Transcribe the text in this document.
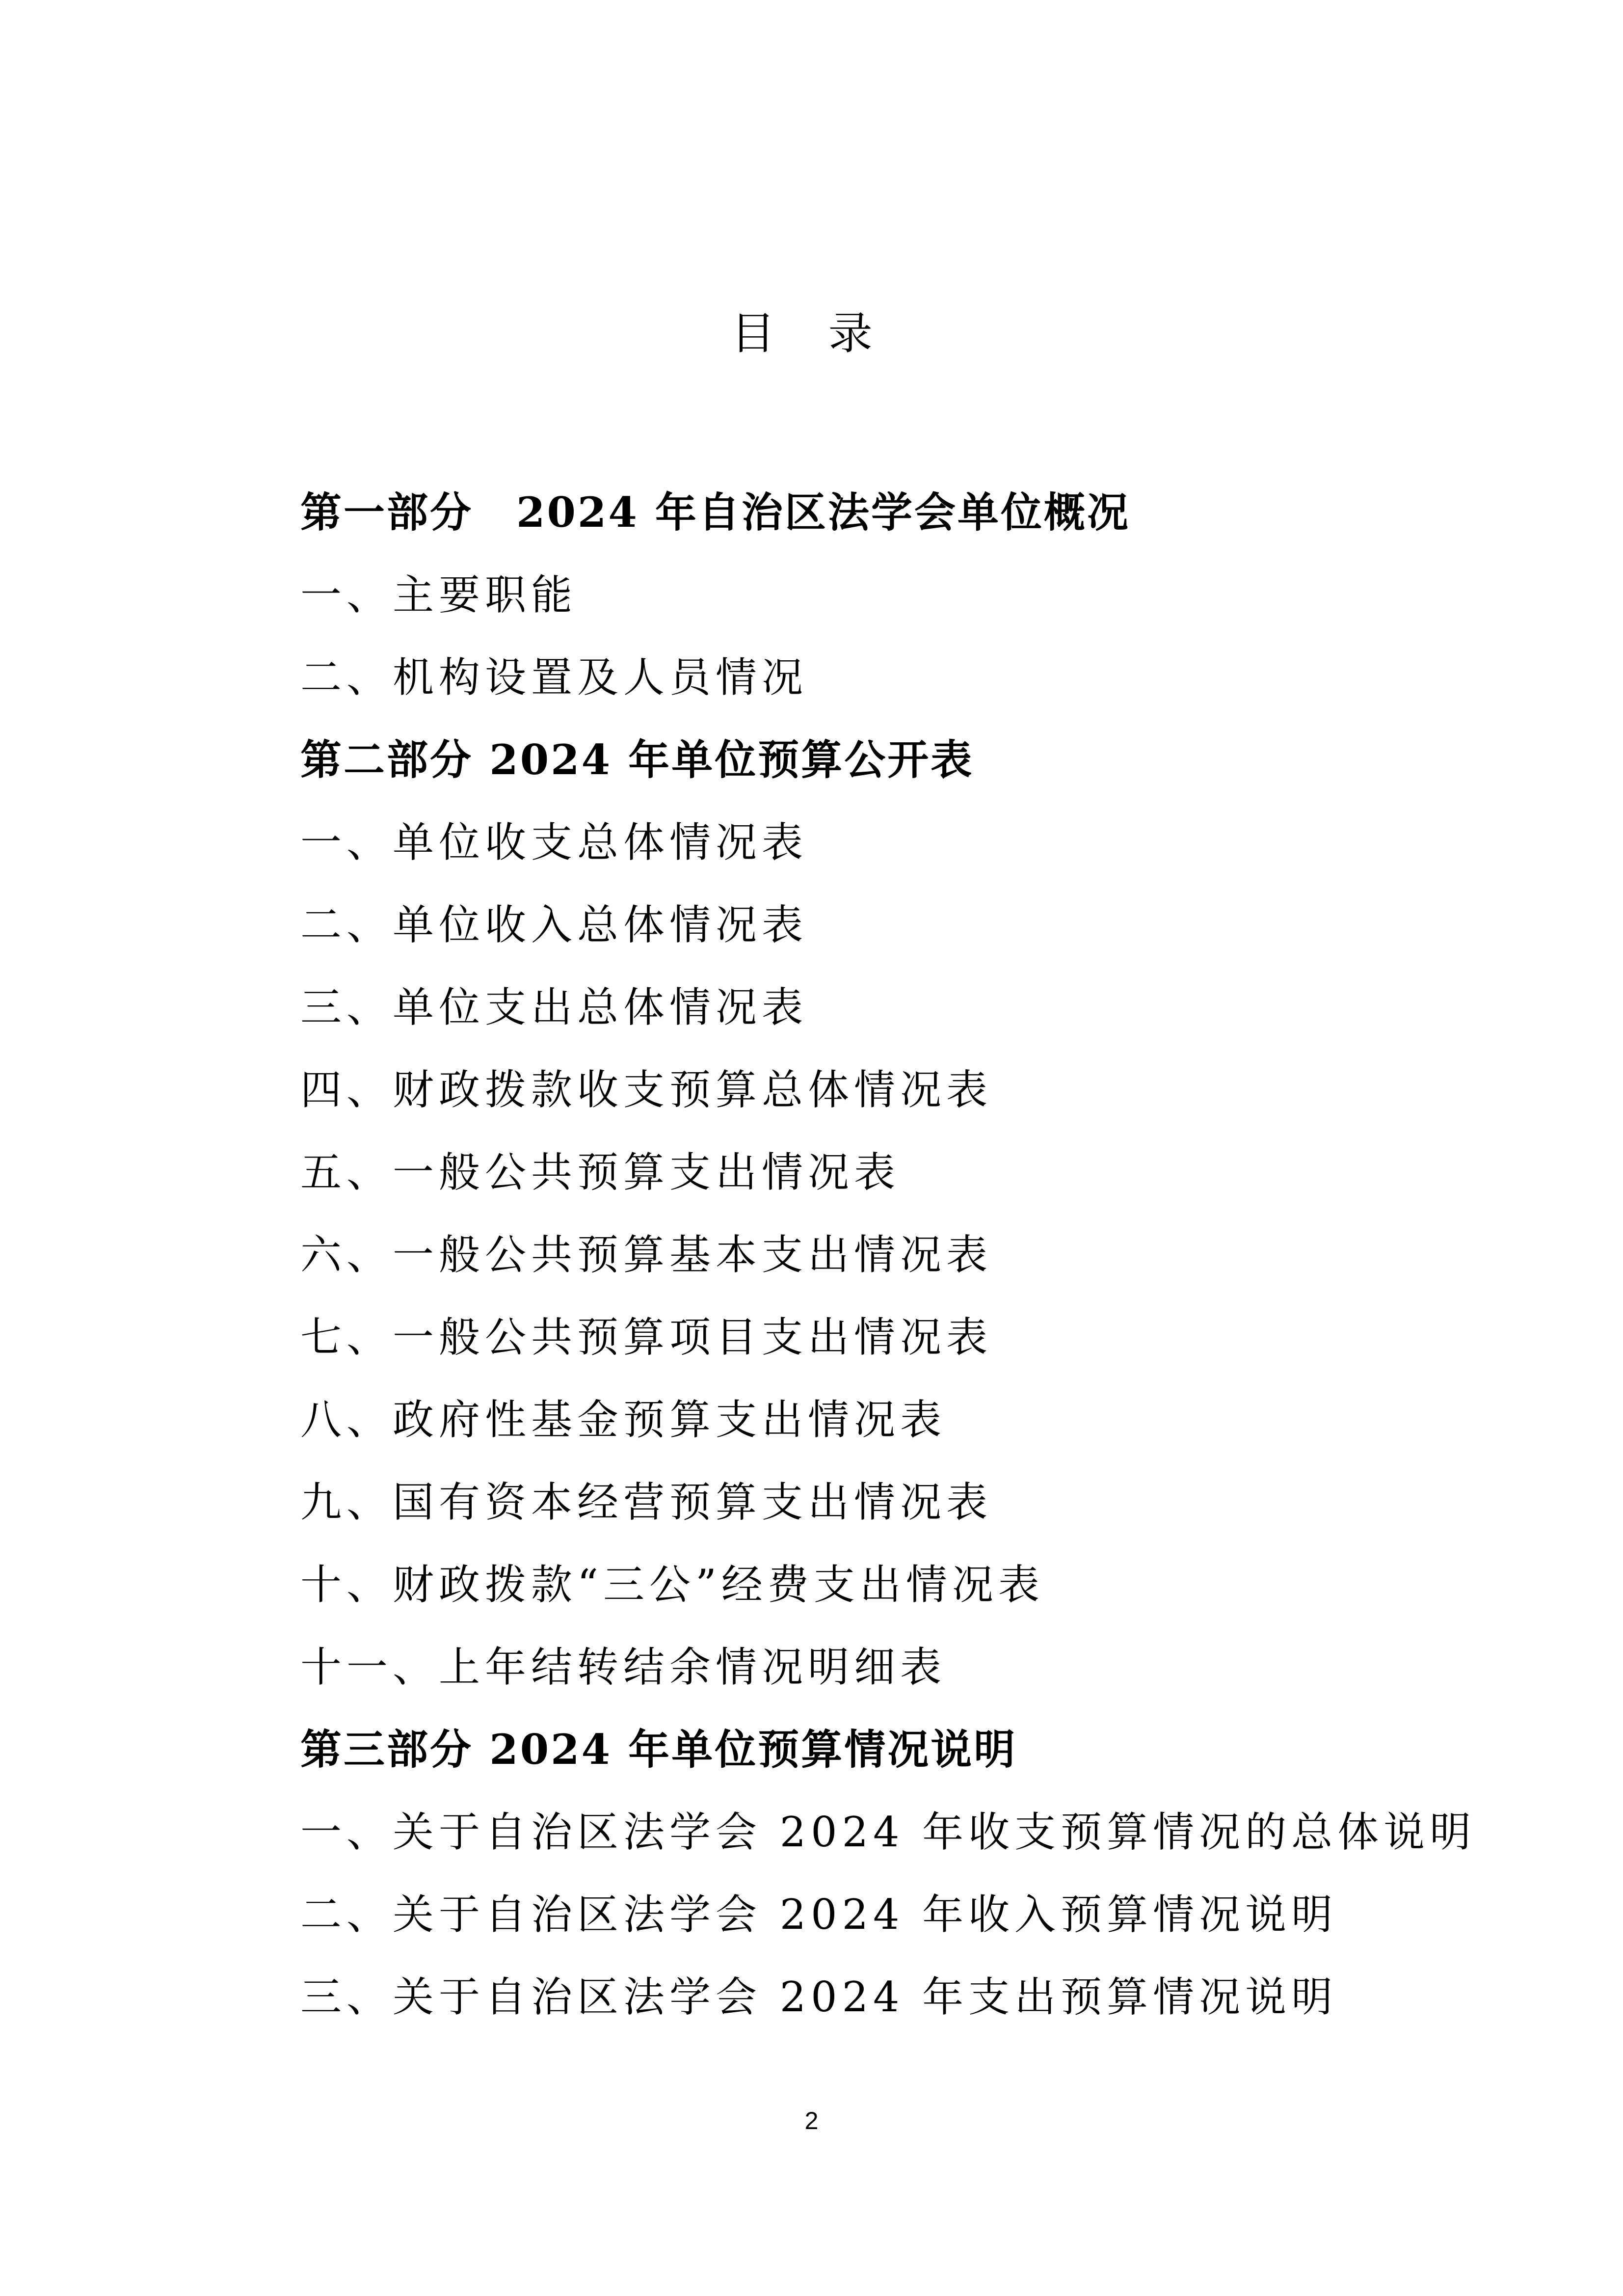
目 录
第一部分　2024 年自治区法学会单位概况
一、主要职能
二、机构设置及人员情况
第二部分 2024 年单位预算公开表
一、单位收支总体情况表
二、单位收入总体情况表
三、单位支出总体情况表
四、财政拨款收支预算总体情况表
五、一般公共预算支出情况表
六、一般公共预算基本支出情况表
七、一般公共预算项目支出情况表
八、政府性基金预算支出情况表
九、国有资本经营预算支出情况表
十、财政拨款“三公”经费支出情况表
十一、上年结转结余情况明细表
第三部分 2024 年单位预算情况说明
一、关于自治区法学会 2024 年收支预算情况的总体说明
二、关于自治区法学会 2024 年收入预算情况说明
三、关于自治区法学会 2024 年支出预算情况说明
2
